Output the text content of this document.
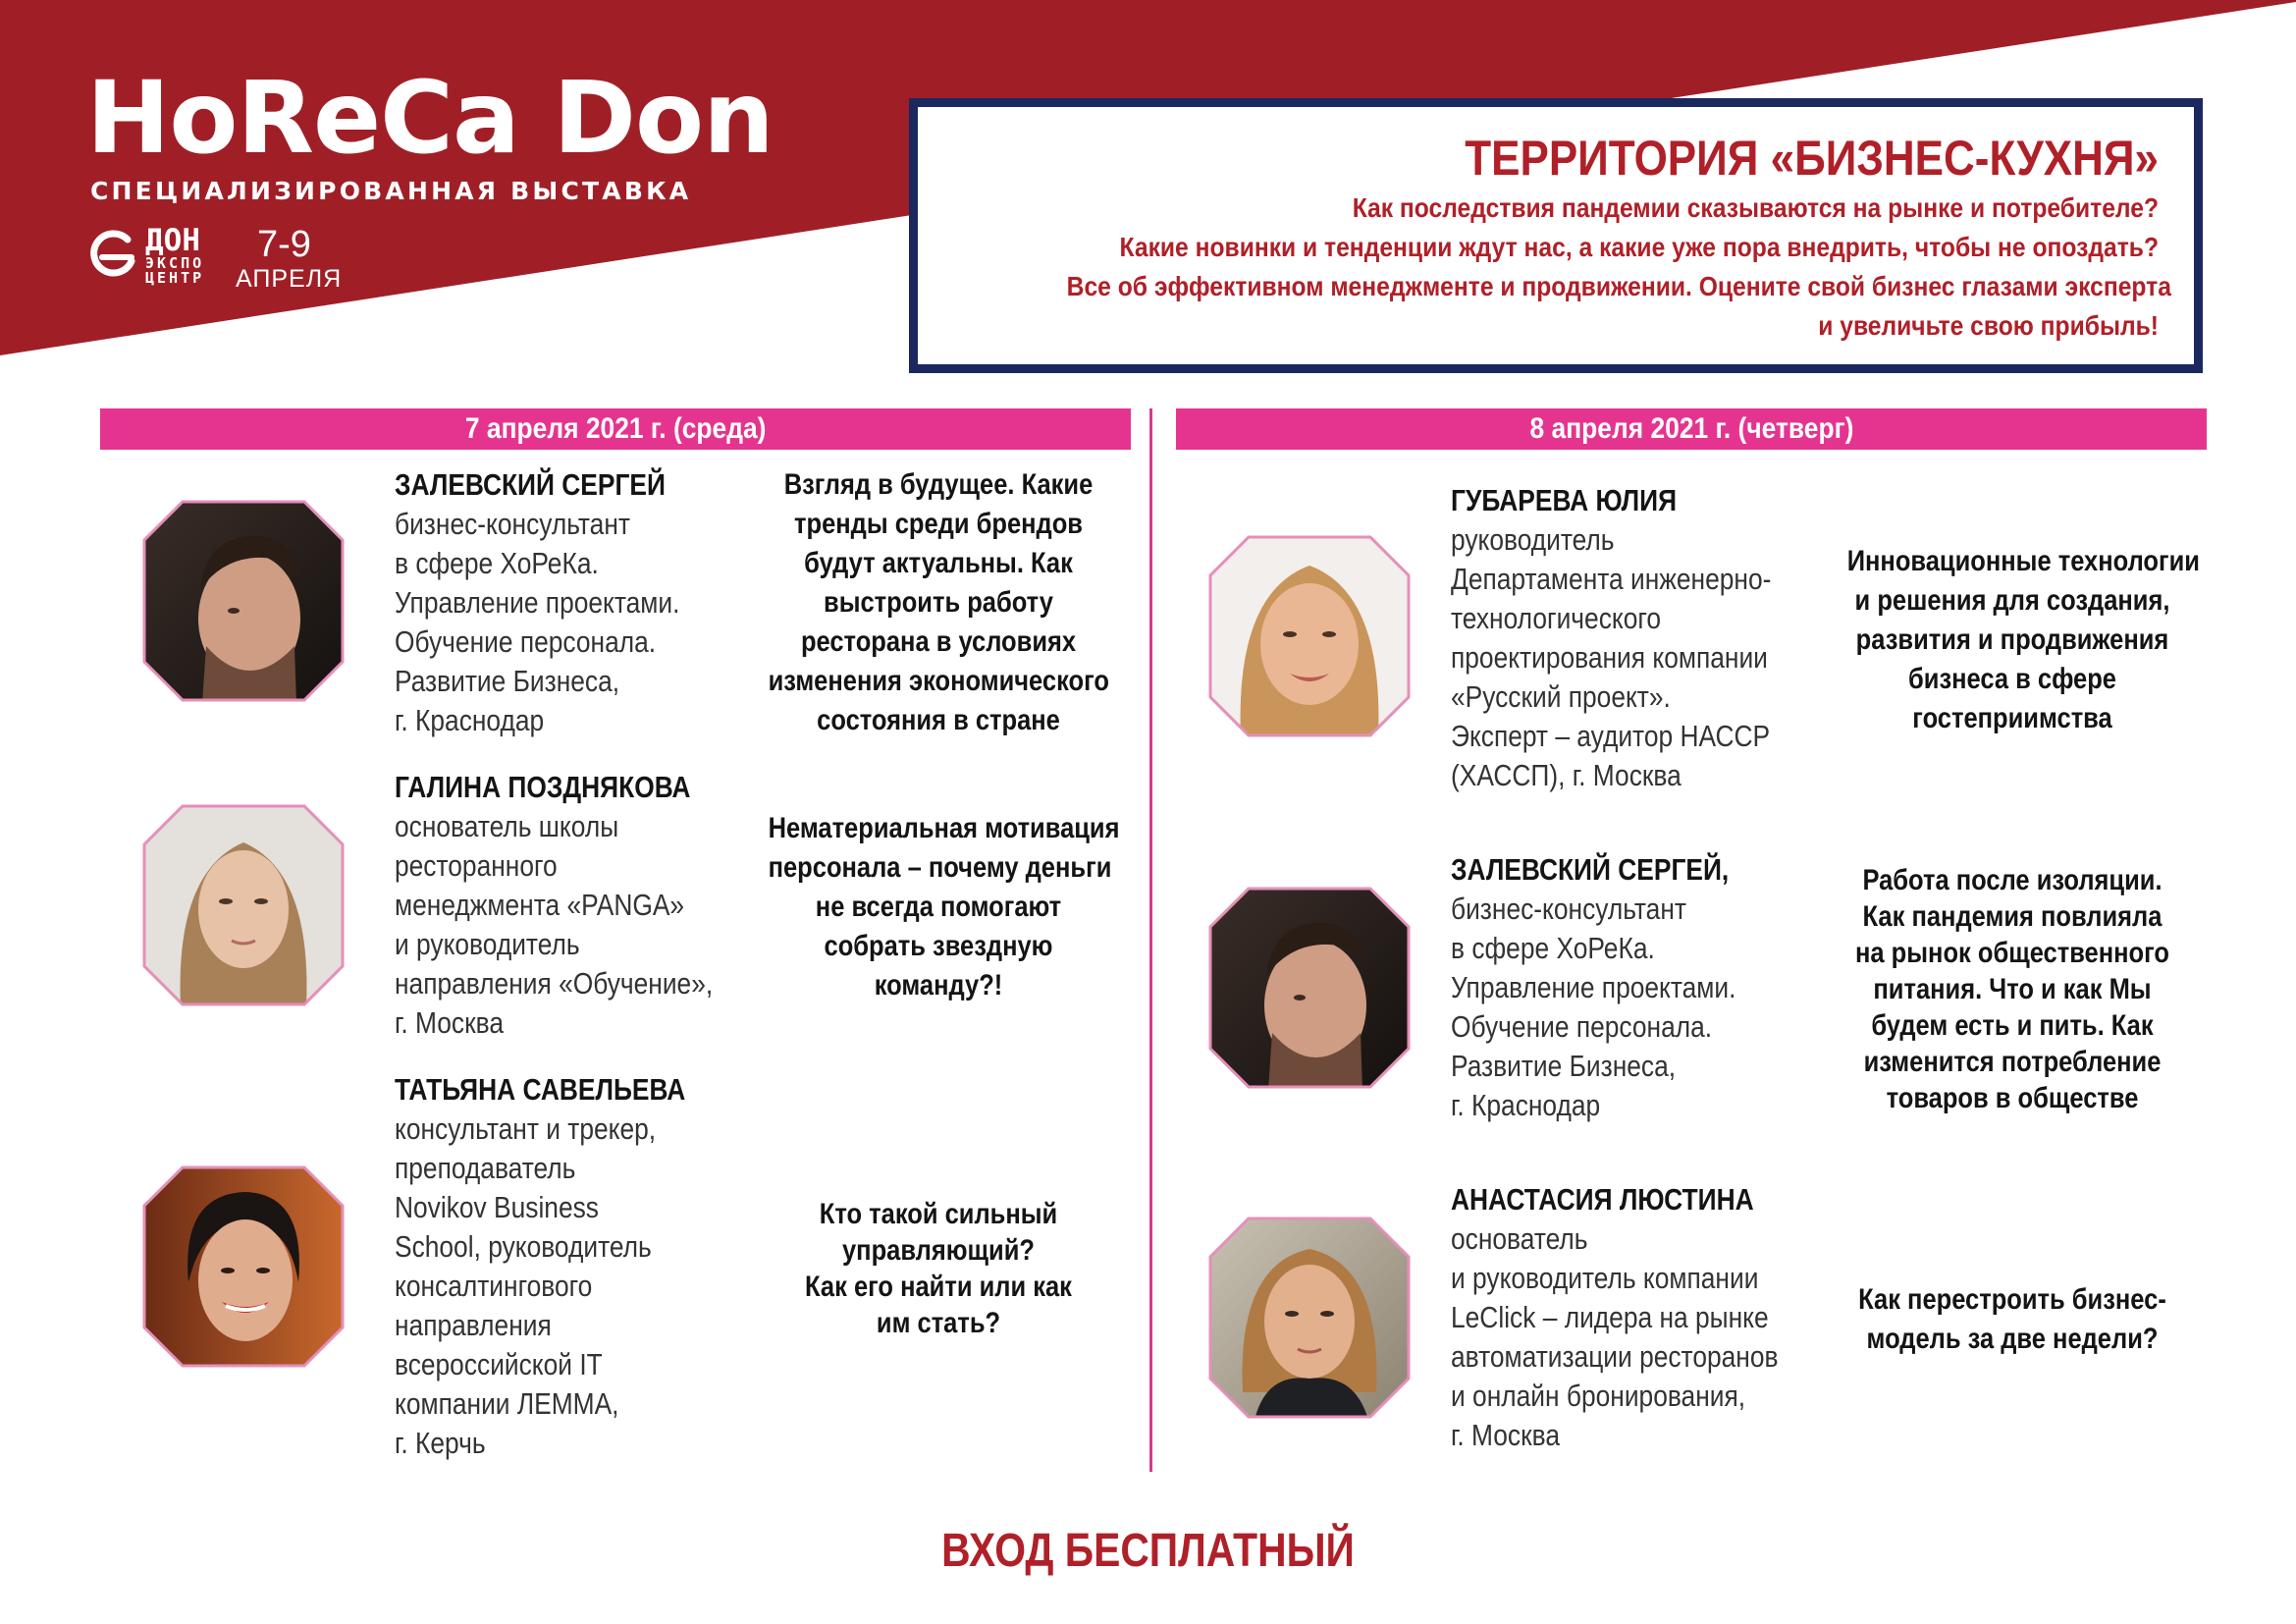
HoReCa Don
СПЕЦИАЛИЗИРОВАННАЯ ВЫСТАВКА
ДОН
ЭКСПО
ЦЕНТР
7-9
АПРЕЛЯ
ТЕРРИТОРИЯ «БИЗНЕС-КУХНЯ»
Как последствия пандемии сказываются на рынке и потребителе?
Какие новинки и тенденции ждут нас, а какие уже пора внедрить, чтобы не опоздать?
Все об эффективном менеджменте и продвижении. Оцените свой бизнес глазами эксперта
и увеличьте свою прибыль!
7 апреля 2021 г. (среда)	8 апреля 2021 г. (четверг)
ЗАЛЕВСКИЙ СЕРГЕЙ
бизнес-консультант
в сфере ХоРеКа.
Управление проектами.
Обучение персонала.
Развитие Бизнеса,
г. Краснодар
Взгляд в будущее. Какие
тренды среди брендов
будут актуальны. Как
выстроить работу
ресторана в условиях
изменения экономического
состояния в стране
ГАЛИНА ПОЗДНЯКОВА
основатель школы
ресторанного
менеджмента «PANGA»
и руководитель
направления «Обучение»,
г. Москва
Нематериальная мотивация
персонала – почему деньги
не всегда помогают
собрать звездную
команду?!
ТАТЬЯНА САВЕЛЬЕВА
консультант и трекер,
преподаватель
Novikov Business
School, руководитель
консалтингового
направления
всероссийской IT
компании ЛЕММА,
г. Керчь
Кто такой сильный
управляющий?
Как его найти или как
им стать?
ГУБАРЕВА ЮЛИЯ
руководитель
Департамента инженерно-
технологического
проектирования компании
«Русский проект».
Эксперт – аудитор НАССР
(ХАССП), г. Москва
Инновационные технологии
и решения для создания,
развития и продвижения
бизнеса в сфере
гостеприимства
ЗАЛЕВСКИЙ СЕРГЕЙ,
бизнес-консультант
в сфере ХоРеКа.
Управление проектами.
Обучение персонала.
Развитие Бизнеса,
г. Краснодар
Работа после изоляции.
Как пандемия повлияла
на рынок общественного
питания. Что и как Мы
будем есть и пить. Как
изменится потребление
товаров в обществе
АНАСТАСИЯ ЛЮСТИНА
основатель
и руководитель компании
LeClick – лидера на рынке
автоматизации ресторанов
и онлайн бронирования,
г. Москва
Как перестроить бизнес-
модель за две недели?
ВХОД БЕСПЛАТНЫЙ
